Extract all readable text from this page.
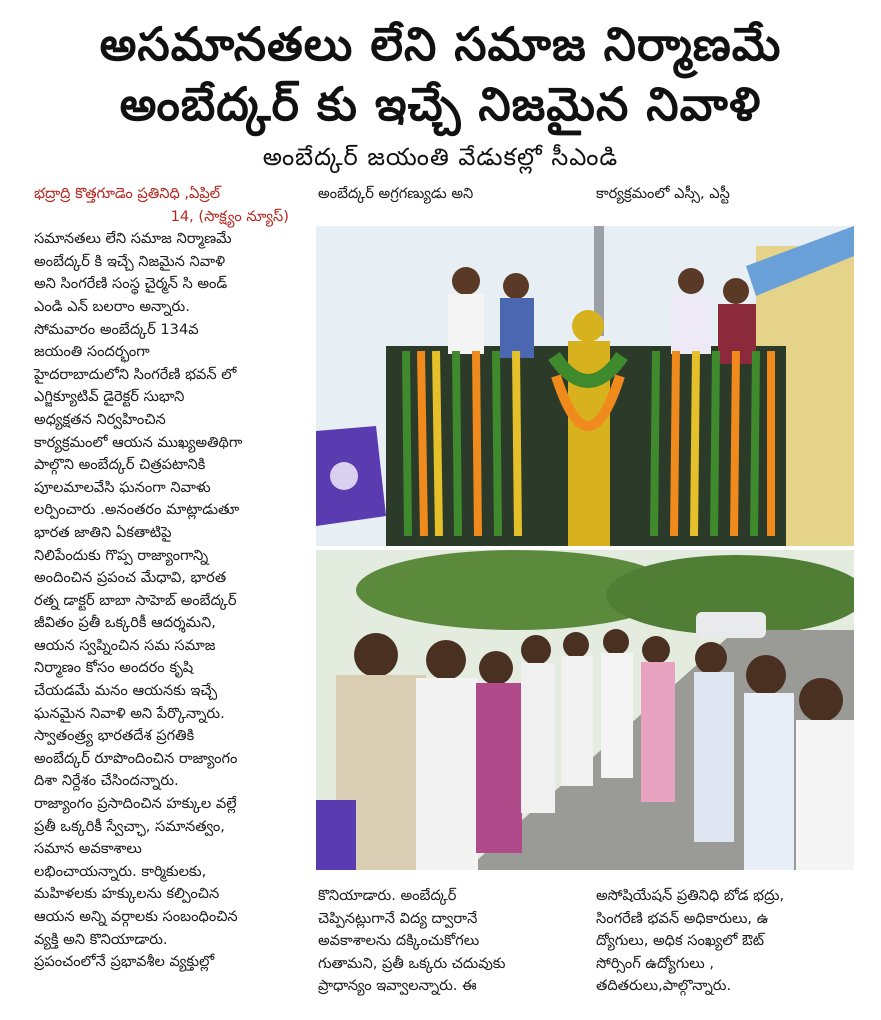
అసమానతలు లేని సమాజ నిర్మాణమే
అంబేద్కర్ కు ఇచ్చే నిజమైన నివాళి
అంబేద్కర్ జయంతి వేడుకల్లో సీఎండి

భద్రాద్రి కొత్తగూడెం ప్రతినిధి ,ఏప్రిల్

14, (సాక్ష్యం న్యూస్)

సమానతలు లేని సమాజ నిర్మాణమే

అంబేద్కర్ కి ఇచ్చే నిజమైన నివాళి

అని సింగరేణి సంస్థ చైర్మన్ సి అండ్

ఎండి ఎన్ బలరాం అన్నారు.

సోమవారం అంబేద్కర్ 134వ

జయంతి సందర్భంగా

హైదరాబాదులోని సింగరేణి భవన్ లో

ఎగ్జిక్యూటివ్ డైరెక్టర్ సుభాని

అధ్యక్షతన నిర్వహించిన

కార్యక్రమంలో ఆయన ముఖ్యఅతిథిగా

పాల్గొని అంబేద్కర్ చిత్రపటానికి

పూలమాలవేసి ఘనంగా నివాళు

లర్పించారు .అనంతరం మాట్లాడుతూ

భారత జాతిని ఏకతాటిపై

నిలిపేందుకు గొప్ప రాజ్యాంగాన్ని

అందించిన ప్రపంచ మేధావి, భారత

రత్న డాక్టర్ బాబా సాహెబ్ అంబేద్కర్

జీవితం ప్రతీ ఒక్కరికీ ఆదర్శమని,

ఆయన స్వప్నించిన సమ సమాజ

నిర్మాణం కోసం అందరం కృషి

చేయడమే మనం ఆయనకు ఇచ్చే

ఘనమైన నివాళి అని పేర్కొన్నారు.

స్వాతంత్ర్య భారతదేశ ప్రగతికి

అంబేద్కర్ రూపొందించిన రాజ్యాంగం

దిశా నిర్దేశం చేసిందన్నారు.

రాజ్యాంగం ప్రసాదించిన హక్కుల వల్లే

ప్రతీ ఒక్కరికీ స్వేచ్ఛా, సమానత్వం,

సమాన అవకాశాలు

లభించాయన్నారు. కార్మికులకు,

మహిళలకు హక్కులను కల్పించిన

ఆయన అన్ని వర్గాలకు సంబంధించిన

వ్యక్తి అని కొనియాడారు.

ప్రపంచంలోనే ప్రభావశీల వ్యక్తుల్లో

అంబేద్కర్ అగ్రగణ్యుడు అని	కార్యక్రమంలో ఎస్సీ, ఎస్టీ

కొనియాడారు. అంబేద్కర్

చెప్పినట్లుగానే విద్య ద్వారానే

అవకాశాలను దక్కించుకోగలు

గుతామని, ప్రతీ ఒక్కరు చదువుకు

ప్రాధాన్యం ఇవ్వాలన్నారు. ఈ

అసోషియేషన్ ప్రతినిధి బోడ భద్రు,

సింగరేణి భవన్ అధికారులు, ఉ

ద్యోగులు, అధిక సంఖ్యలో ఔట్

సోర్సింగ్ ఉద్యోగులు ,

తదితరులు,పాల్గొన్నారు.
